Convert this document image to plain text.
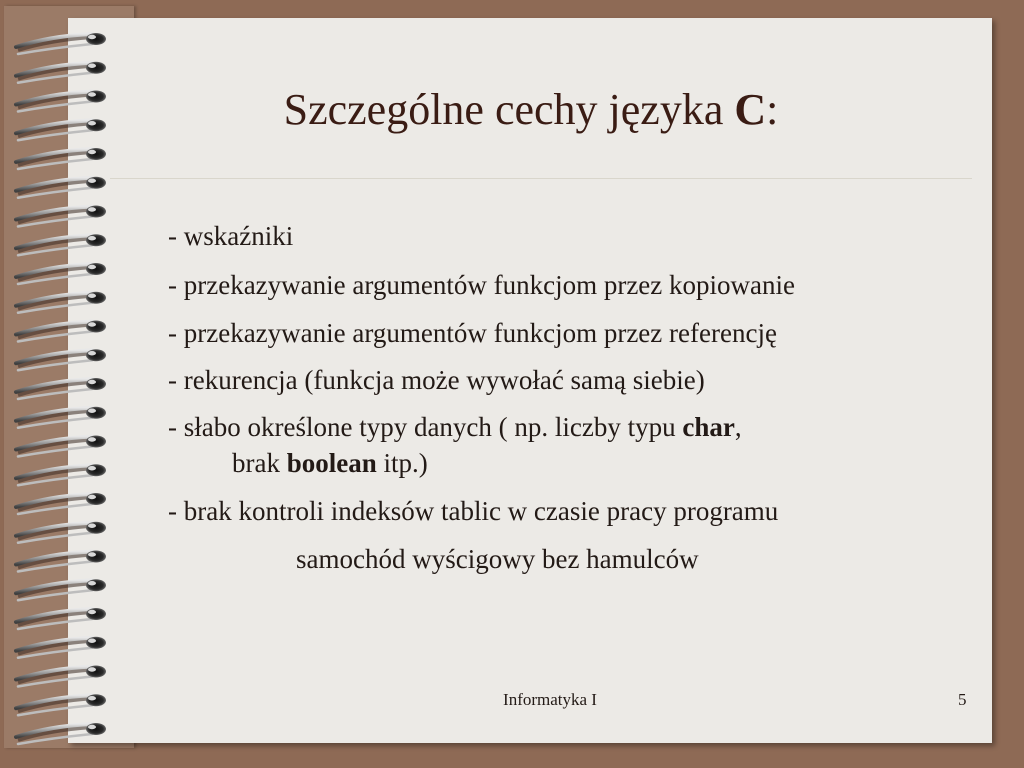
Szczególne cechy języka C:
- wskaźniki
- przekazywanie argumentów funkcjom przez kopiowanie
- przekazywanie argumentów funkcjom przez referencję
- rekurencja (funkcja może wywołać samą siebie)
- słabo określone typy danych ( np. liczby typu char,
brak boolean itp.)
- brak kontroli indeksów tablic w czasie pracy programu
samochód wyścigowy bez hamulców
Informatyka I	5
